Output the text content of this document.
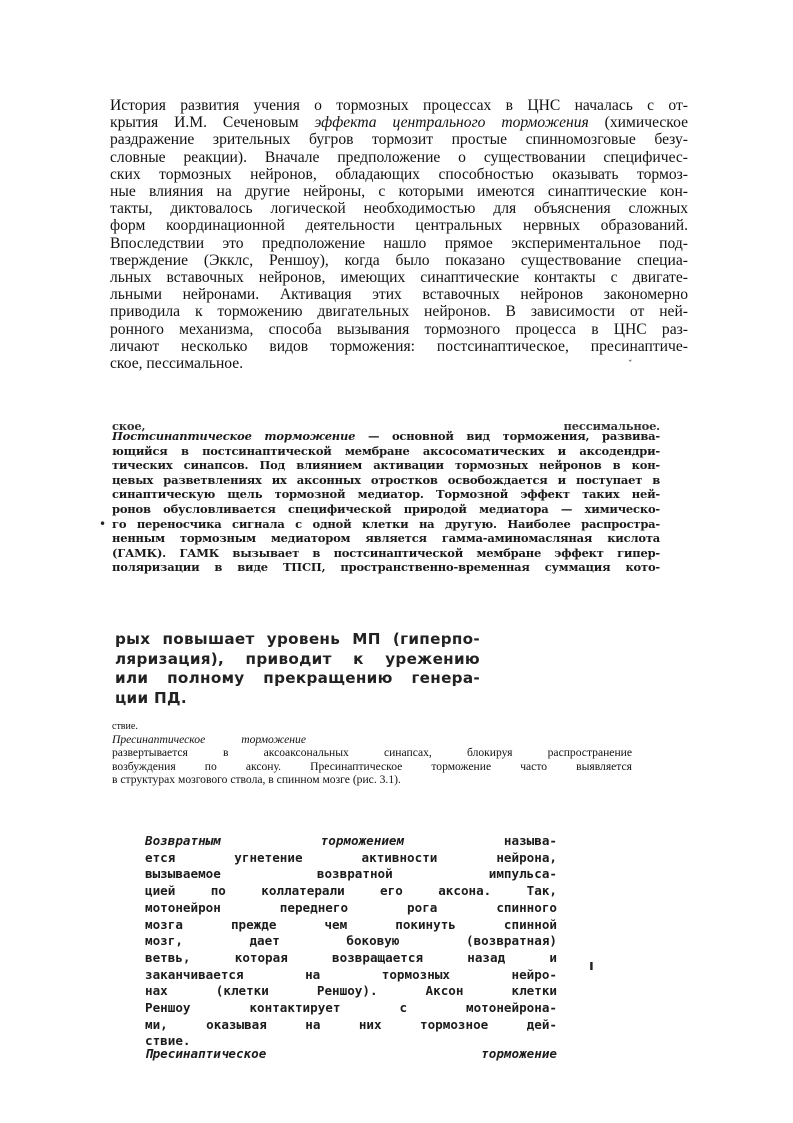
История развития учения о тормозных процессах в ЦНС началась с от-
крытия И.М. Сеченовым эффекта центрального торможения (химическое
раздражение зрительных бугров тормозит простые спинномозговые безу-
словные реакции). Вначале предположение о существовании специфичес-
ских тормозных нейронов, обладающих способностью оказывать тормоз-
ные влияния на другие нейроны, с которыми имеются синаптические кон-
такты, диктовалось логической необходимостью для объяснения сложных
форм координационной деятельности центральных нервных образований.
Впоследствии это предположение нашло прямое экспериментальное под-
тверждение (Экклс, Реншоу), когда было показано существование специа-
льных вставочных нейронов, имеющих синаптические контакты с двигате-
льными нейронами. Активация этих вставочных нейронов закономерно
приводила к торможению двигательных нейронов. В зависимости от ней-
ронного механизма, способа вызывания тормозного процесса в ЦНС раз-
личают несколько видов торможения: постсинаптическое, пресинаптиче-
ское, пессимальное.
ское, пессимальное.
Постсинаптическое торможение — основной вид торможения, развива-
ющийся в постсинаптической мембране аксосоматических и аксодендри-
тических синапсов. Под влиянием активации тормозных нейронов в кон-
цевых разветвлениях их аксонных отростков освобождается и поступает в
синаптическую щель тормозной медиатор. Тормозной эффект таких ней-
ронов обусловливается специфической природой медиатора — химическо-
го переносчика сигнала с одной клетки на другую. Наиболее распростра-
ненным тормозным медиатором является гамма-аминомасляная кислота
(ГАМК). ГАМК вызывает в постсинаптической мембране эффект гипер-
поляризации в виде ТПСП, пространственно-временная суммация кото-
рых повышает уровень МП (гиперпо-
ляризация), приводит к урежению
или полному прекращению генера-
ции ПД.
ствие.
Пресинаптическое	торможение
развертывается в аксоаксональных синапсах, блокируя распространение
возбуждения по аксону. Пресинаптическое торможение часто выявляется
в структурах мозгового ствола, в спинном мозге (рис. 3.1).
Возвратным торможением называ-
ется угнетение активности нейрона,
вызываемое возвратной импульса-
цией по коллатерали его аксона. Так,
мотонейрон переднего рога спинного
мозга прежде чем покинуть спинной
мозг, дает боковую (возвратная)
ветвь, которая возвращается назад и
заканчивается на тормозных нейро-
нах (клетки Реншоу). Аксон клетки
Реншоу контактирует с мотонейрона-
ми, оказывая на них тормозное дей-
ствие.
Пресинаптическое торможение
•
ı
ˇ
